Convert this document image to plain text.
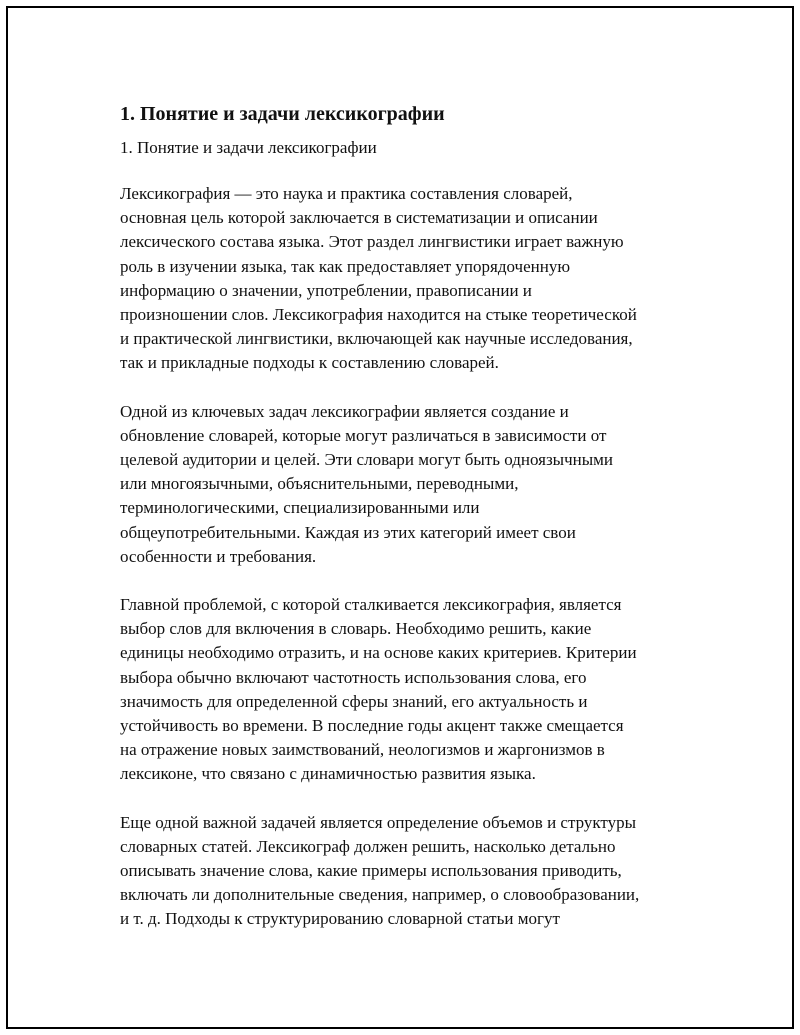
1. Понятие и задачи лексикографии
1. Понятие и задачи лексикографии
Лексикография — это наука и практика составления словарей,
основная цель которой заключается в систематизации и описании
лексического состава языка. Этот раздел лингвистики играет важную
роль в изучении языка, так как предоставляет упорядоченную
информацию о значении, употреблении, правописании и
произношении слов. Лексикография находится на стыке теоретической
и практической лингвистики, включающей как научные исследования,
так и прикладные подходы к составлению словарей.
Одной из ключевых задач лексикографии является создание и
обновление словарей, которые могут различаться в зависимости от
целевой аудитории и целей. Эти словари могут быть одноязычными
или многоязычными, объяснительными, переводными,
терминологическими, специализированными или
общеупотребительными. Каждая из этих категорий имеет свои
особенности и требования.
Главной проблемой, с которой сталкивается лексикография, является
выбор слов для включения в словарь. Необходимо решить, какие
единицы необходимо отразить, и на основе каких критериев. Критерии
выбора обычно включают частотность использования слова, его
значимость для определенной сферы знаний, его актуальность и
устойчивость во времени. В последние годы акцент также смещается
на отражение новых заимствований, неологизмов и жаргонизмов в
лексиконе, что связано с динамичностью развития языка.
Еще одной важной задачей является определение объемов и структуры
словарных статей. Лексикограф должен решить, насколько детально
описывать значение слова, какие примеры использования приводить,
включать ли дополнительные сведения, например, о словообразовании,
и т. д. Подходы к структурированию словарной статьи могут
